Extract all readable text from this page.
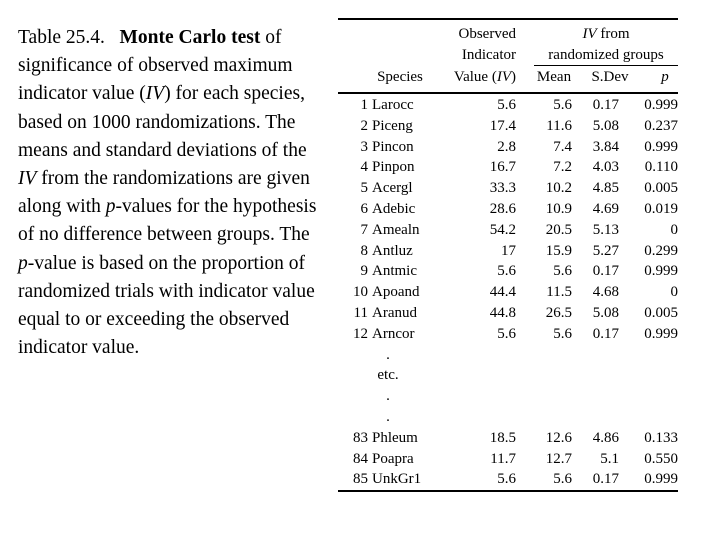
Table 25.4. Monte Carlo test of significance of observed maximum indicator value (IV) for each species, based on 1000 randomizations. The means and standard deviations of the IV from the randomizations are given along with p-values for the hypothesis of no difference between groups. The p-value is based on the proportion of randomized trials with indicator value equal to or exceeding the observed indicator value.
Observed
Indicator
Value (IV)
IV from
randomized groups
Species	Mean	S.Dev	p
1 Larocc	5.6 5.6 0.17 0.999
2 Piceng	17.4 11.6 5.08 0.237
3 Pincon	2.8 7.4 3.84 0.999
4 Pinpon	16.7 7.2 4.03 0.110
5 Acergl	33.3 10.2 4.85 0.005
6 Adebic	28.6 10.9 4.69 0.019
7 Amealn	54.2 20.5 5.13	0
8 Antluz	17 15.9 5.27 0.299
9 Antmic	5.6 5.6 0.17 0.999
10 Apoand	44.4 11.5 4.68	0
11 Aranud	44.8 26.5 5.08 0.005
12 Arncor	5.6 5.6 0.17 0.999
.
etc.
.
.
83 Phleum	18.5 12.6 4.86 0.133
84 Poapra	11.7 12.7 5.1 0.550
85 UnkGr1	5.6 5.6 0.17 0.999
